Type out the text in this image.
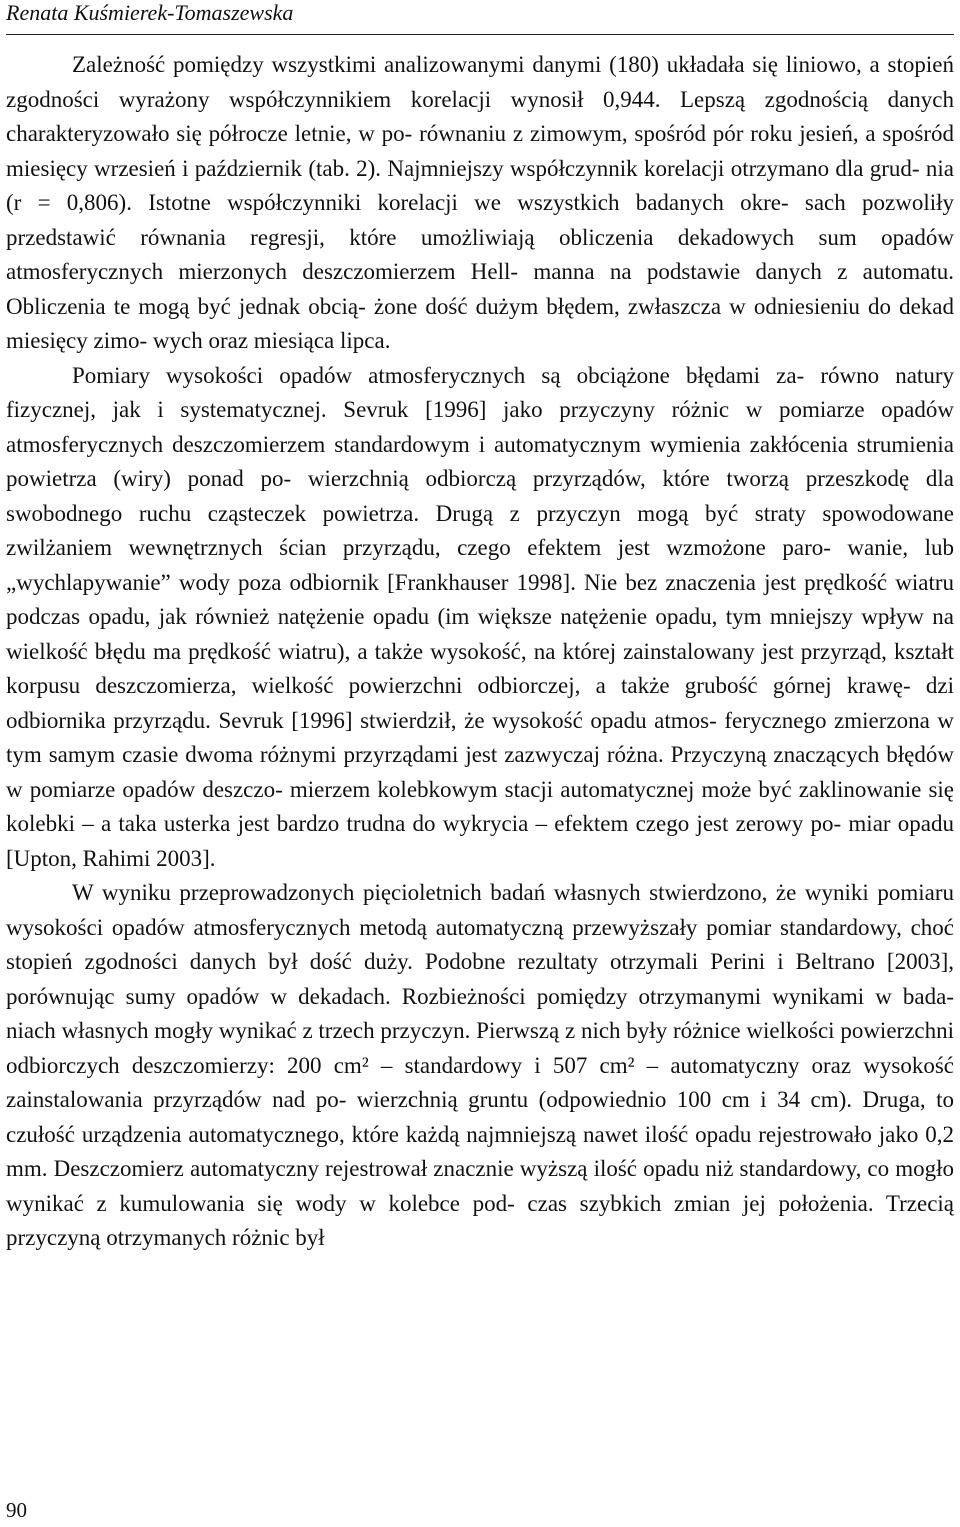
Renata Kuśmierek-Tomaszewska

Zależność pomiędzy wszystkimi analizowanymi danymi (180) układała się liniowo, a stopień zgodności wyrażony współczynnikiem korelacji wynosił 0,944. Lepszą zgodnością danych charakteryzowało się półrocze letnie, w po- równaniu z zimowym, spośród pór roku jesień, a spośród miesięcy wrzesień i październik (tab. 2). Najmniejszy współczynnik korelacji otrzymano dla grud- nia (r = 0,806). Istotne współczynniki korelacji we wszystkich badanych okre- sach pozwoliły przedstawić równania regresji, które umożliwiają obliczenia dekadowych sum opadów atmosferycznych mierzonych deszczomierzem Hell- manna na podstawie danych z automatu. Obliczenia te mogą być jednak obcią- żone dość dużym błędem, zwłaszcza w odniesieniu do dekad miesięcy zimo- wych oraz miesiąca lipca.

Pomiary wysokości opadów atmosferycznych są obciążone błędami za- równo natury fizycznej, jak i systematycznej. Sevruk [1996] jako przyczyny różnic w pomiarze opadów atmosferycznych deszczomierzem standardowym i automatycznym wymienia zakłócenia strumienia powietrza (wiry) ponad po- wierzchnią odbiorczą przyrządów, które tworzą przeszkodę dla swobodnego ruchu cząsteczek powietrza. Drugą z przyczyn mogą być straty spowodowane zwilżaniem wewnętrznych ścian przyrządu, czego efektem jest wzmożone paro- wanie, lub „wychlapywanie” wody poza odbiornik [Frankhauser 1998]. Nie bez znaczenia jest prędkość wiatru podczas opadu, jak również natężenie opadu (im większe natężenie opadu, tym mniejszy wpływ na wielkość błędu ma prędkość wiatru), a także wysokość, na której zainstalowany jest przyrząd, kształt korpusu deszczomierza, wielkość powierzchni odbiorczej, a także grubość górnej krawę- dzi odbiornika przyrządu. Sevruk [1996] stwierdził, że wysokość opadu atmos- ferycznego zmierzona w tym samym czasie dwoma różnymi przyrządami jest zazwyczaj różna. Przyczyną znaczących błędów w pomiarze opadów deszczo- mierzem kolebkowym stacji automatycznej może być zaklinowanie się kolebki – a taka usterka jest bardzo trudna do wykrycia – efektem czego jest zerowy po- miar opadu [Upton, Rahimi 2003].

W wyniku przeprowadzonych pięcioletnich badań własnych stwierdzono, że wyniki pomiaru wysokości opadów atmosferycznych metodą automatyczną przewyższały pomiar standardowy, choć stopień zgodności danych był dość duży. Podobne rezultaty otrzymali Perini i Beltrano [2003], porównując sumy opadów w dekadach. Rozbieżności pomiędzy otrzymanymi wynikami w bada- niach własnych mogły wynikać z trzech przyczyn. Pierwszą z nich były różnice wielkości powierzchni odbiorczych deszczomierzy: 200 cm² – standardowy i 507 cm² – automatyczny oraz wysokość zainstalowania przyrządów nad po- wierzchnią gruntu (odpowiednio 100 cm i 34 cm). Druga, to czułość urządzenia automatycznego, które każdą najmniejszą nawet ilość opadu rejestrowało jako 0,2 mm. Deszczomierz automatyczny rejestrował znacznie wyższą ilość opadu niż standardowy, co mogło wynikać z kumulowania się wody w kolebce pod- czas szybkich zmian jej położenia. Trzecią przyczyną otrzymanych różnic był

90
